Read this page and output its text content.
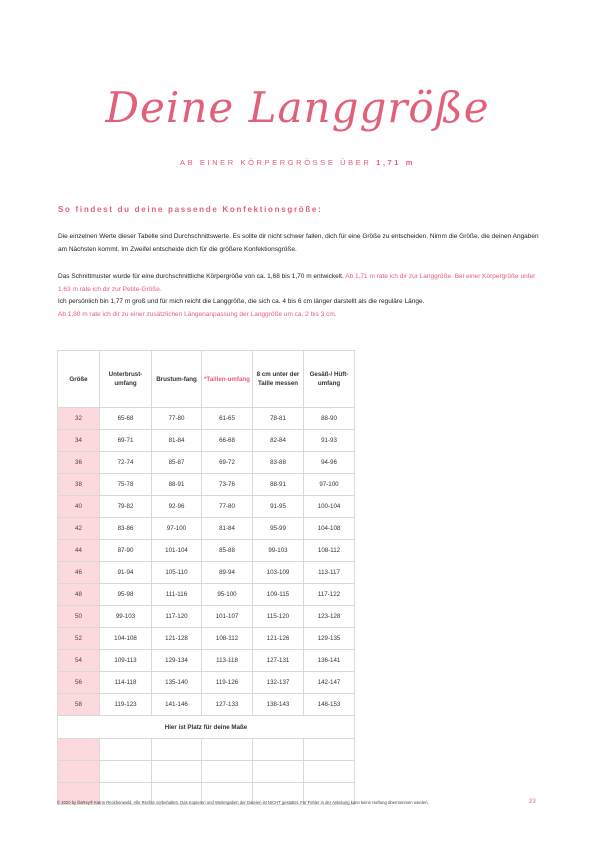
Deine Langgröße
AB EINER KÖRPERGRÖSSE ÜBER 1,71 m
So findest du deine passende Konfektionsgröße:
Die einzelnen Werte dieser Tabelle sind Durchschnittswerte. Es sollte dir nicht schwer fallen, dich für eine Größe zu entscheiden. Nimm die Größe, die deinen Angaben am Nächsten kommt. Im Zweifel entscheide dich für die größere Konfektionsgröße.
Das Schnittmuster wurde für eine durchschnittliche Körpergröße von ca. 1,68 bis 1,70 m entwickelt. Ab 1,71 m rate ich dir zur Langgröße. Bei einer Körpergröße unter 1,63 m rate ich dir zur Petite-Größe.
Ich persönlich bin 1,77 m groß und für mich reicht die Langgröße, die sich ca. 4 bis 6 cm länger darstellt als die reguläre Länge.
Ab 1,80 m rate ich dir zu einer zusätzlichen Längenanpassung der Langgröße um ca. 2 bis 3 cm.
Größe	Unterbrust-umfang	Brustum-fang	*Taillen-umfang	8 cm unter der Taille messen	Gesäß-/ Hüft-umfang
32	65-68	77-80	61-65	78-81	88-90
34	69-71	81-84	66-68	82-84	91-93
36	72-74	85-87	69-72	83-88	94-96
38	75-78	88-91	73-76	88-91	97-100
40	79-82	92-96	77-80	91-95	100-104
42	83-86	97-100	81-84	95-99	104-108
44	87-90	101-104	85-88	99-103	108-112
46	91-94	105-110	89-94	103-109	113-117
48	95-98	111-116	95-100	109-115	117-122
50	99-103	117-120	101-107	115-120	123-128
52	104-108	121-128	108-112	121-126	129-135
54	109-113	129-134	113-118	127-131	136-141
56	114-118	135-140	119-126	132-137	142-147
58	119-123	141-146	127-133	138-143	148-153
Hier ist Platz für deine Maße					

© 2020 by lilaRey® Katrin Reckhenweld. Alle Rechte vorbehalten. Das Kopieren und Weitergaben der Dateien ist NICHT gestattet. Für Fehler in der Anleitung kann keine Haftung übernommen werden.	23
